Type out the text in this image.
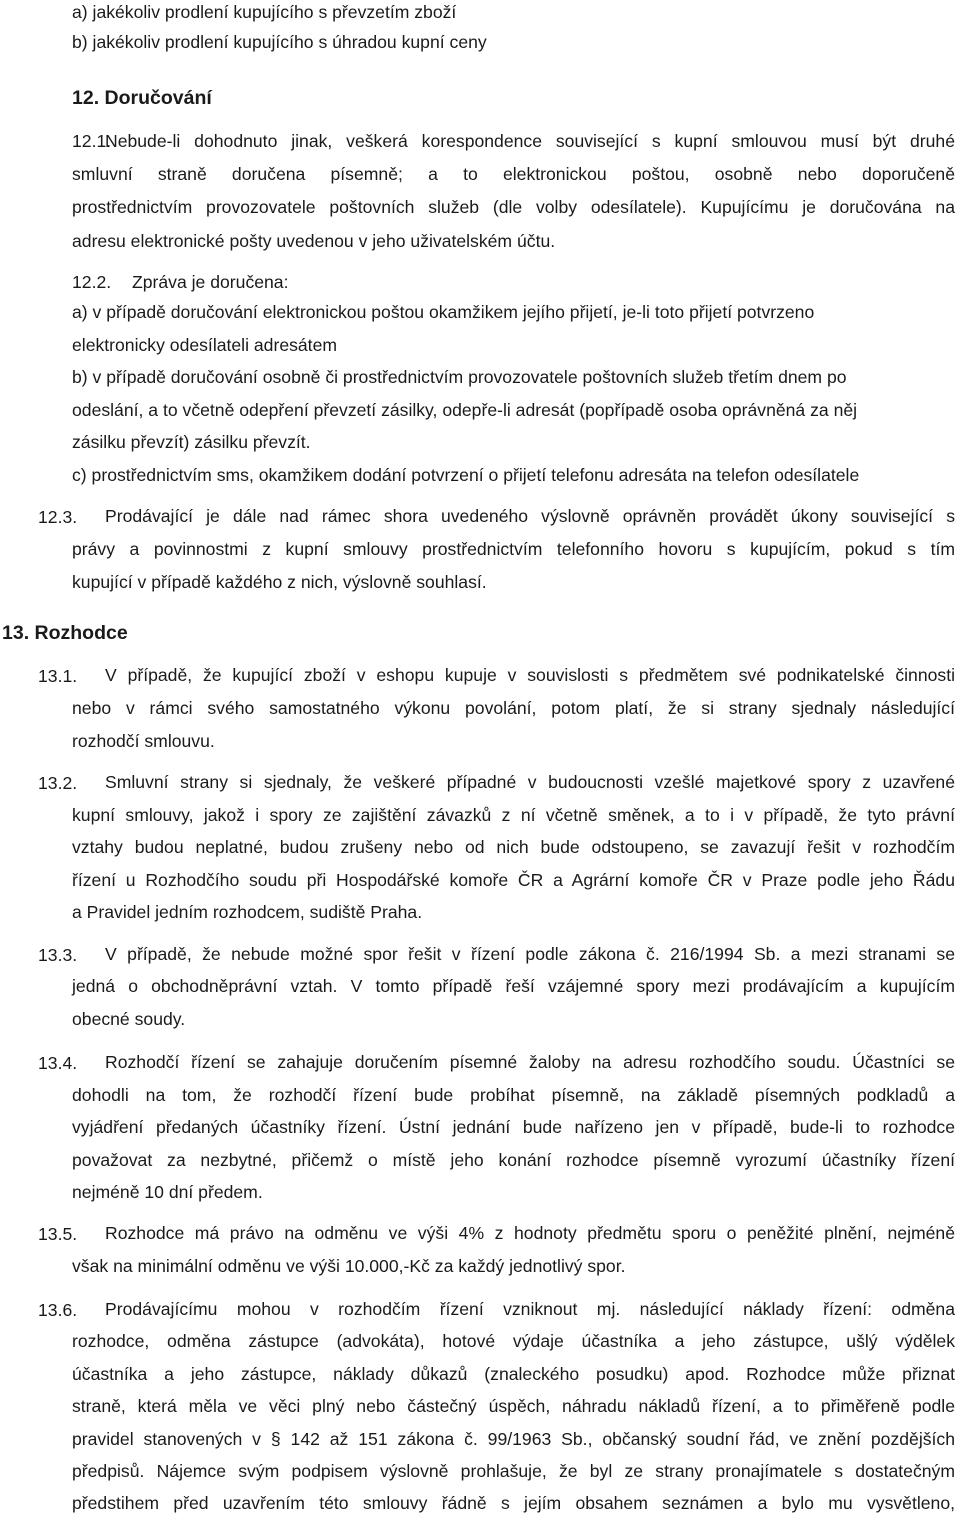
a) jakékoliv prodlení kupujícího s převzetím zboží
b) jakékoliv prodlení kupujícího s úhradou kupní ceny
12. Doručování
12.1.
Nebude-li dohodnuto jinak, veškerá korespondence související s kupní smlouvou musí být druhé
smluvní straně doručena písemně; a to elektronickou poštou, osobně nebo doporučeně
prostřednictvím provozovatele poštovních služeb (dle volby odesílatele). Kupujícímu je doručována na
adresu elektronické pošty uvedenou v jeho uživatelském účtu.
12.2. Zpráva je doručena:
a) v případě doručování elektronickou poštou okamžikem jejího přijetí, je-li toto přijetí potvrzeno
elektronicky odesílateli adresátem
b) v případě doručování osobně či prostřednictvím provozovatele poštovních služeb třetím dnem po
odeslání, a to včetně odepření převzetí zásilky, odepře-li adresát (popřípadě osoba oprávněná za něj
zásilku převzít) zásilku převzít.
c) prostřednictvím sms, okamžikem dodání potvrzení o přijetí telefonu adresáta na telefon odesílatele
12.3.	Prodávající je dále nad rámec shora uvedeného výslovně oprávněn provádět úkony související s
právy a povinnostmi z kupní smlouvy prostřednictvím telefonního hovoru s kupujícím, pokud s tím
kupující v případě každého z nich, výslovně souhlasí.
13. Rozhodce
13.1.	V případě, že kupující zboží v eshopu kupuje v souvislosti s předmětem své podnikatelské činnosti
nebo v rámci svého samostatného výkonu povolání, potom platí, že si strany sjednaly následující
rozhodčí smlouvu.
13.2.	Smluvní strany si sjednaly, že veškeré případné v budoucnosti vzešlé majetkové spory z uzavřené
kupní smlouvy, jakož i spory ze zajištění závazků z ní včetně směnek, a to i v případě, že tyto právní
vztahy budou neplatné, budou zrušeny nebo od nich bude odstoupeno, se zavazují řešit v rozhodčím
řízení u Rozhodčího soudu při Hospodářské komoře ČR a Agrární komoře ČR v Praze podle jeho Řádu
a Pravidel jedním rozhodcem, sudiště Praha.
13.3.	V případě, že nebude možné spor řešit v řízení podle zákona č. 216/1994 Sb. a mezi stranami se
jedná o obchodněprávní vztah. V tomto případě řeší vzájemné spory mezi prodávajícím a kupujícím
obecné soudy.
13.4.	Rozhodčí řízení se zahajuje doručením písemné žaloby na adresu rozhodčího soudu. Účastníci se
dohodli na tom, že rozhodčí řízení bude probíhat písemně, na základě písemných podkladů a
vyjádření předaných účastníky řízení. Ústní jednání bude nařízeno jen v případě, bude-li to rozhodce
považovat za nezbytné, přičemž o místě jeho konání rozhodce písemně vyrozumí účastníky řízení
nejméně 10 dní předem.
13.5.	Rozhodce má právo na odměnu ve výši 4% z hodnoty předmětu sporu o peněžité plnění, nejméně
však na minimální odměnu ve výši 10.000,-Kč za každý jednotlivý spor.
13.6.	Prodávajícímu mohou v rozhodčím řízení vzniknout mj. následující náklady řízení: odměna
rozhodce, odměna zástupce (advokáta), hotové výdaje účastníka a jeho zástupce, ušlý výdělek
účastníka a jeho zástupce, náklady důkazů (znaleckého posudku) apod. Rozhodce může přiznat
straně, která měla ve věci plný nebo částečný úspěch, náhradu nákladů řízení, a to přiměřeně podle
pravidel stanovených v § 142 až 151 zákona č. 99/1963 Sb., občanský soudní řád, ve znění pozdějších
předpisů. Nájemce svým podpisem výslovně prohlašuje, že byl ze strany pronajímatele s dostatečným
předstihem před uzavřením této smlouvy řádně s jejím obsahem seznámen a bylo mu vysvětleno,
